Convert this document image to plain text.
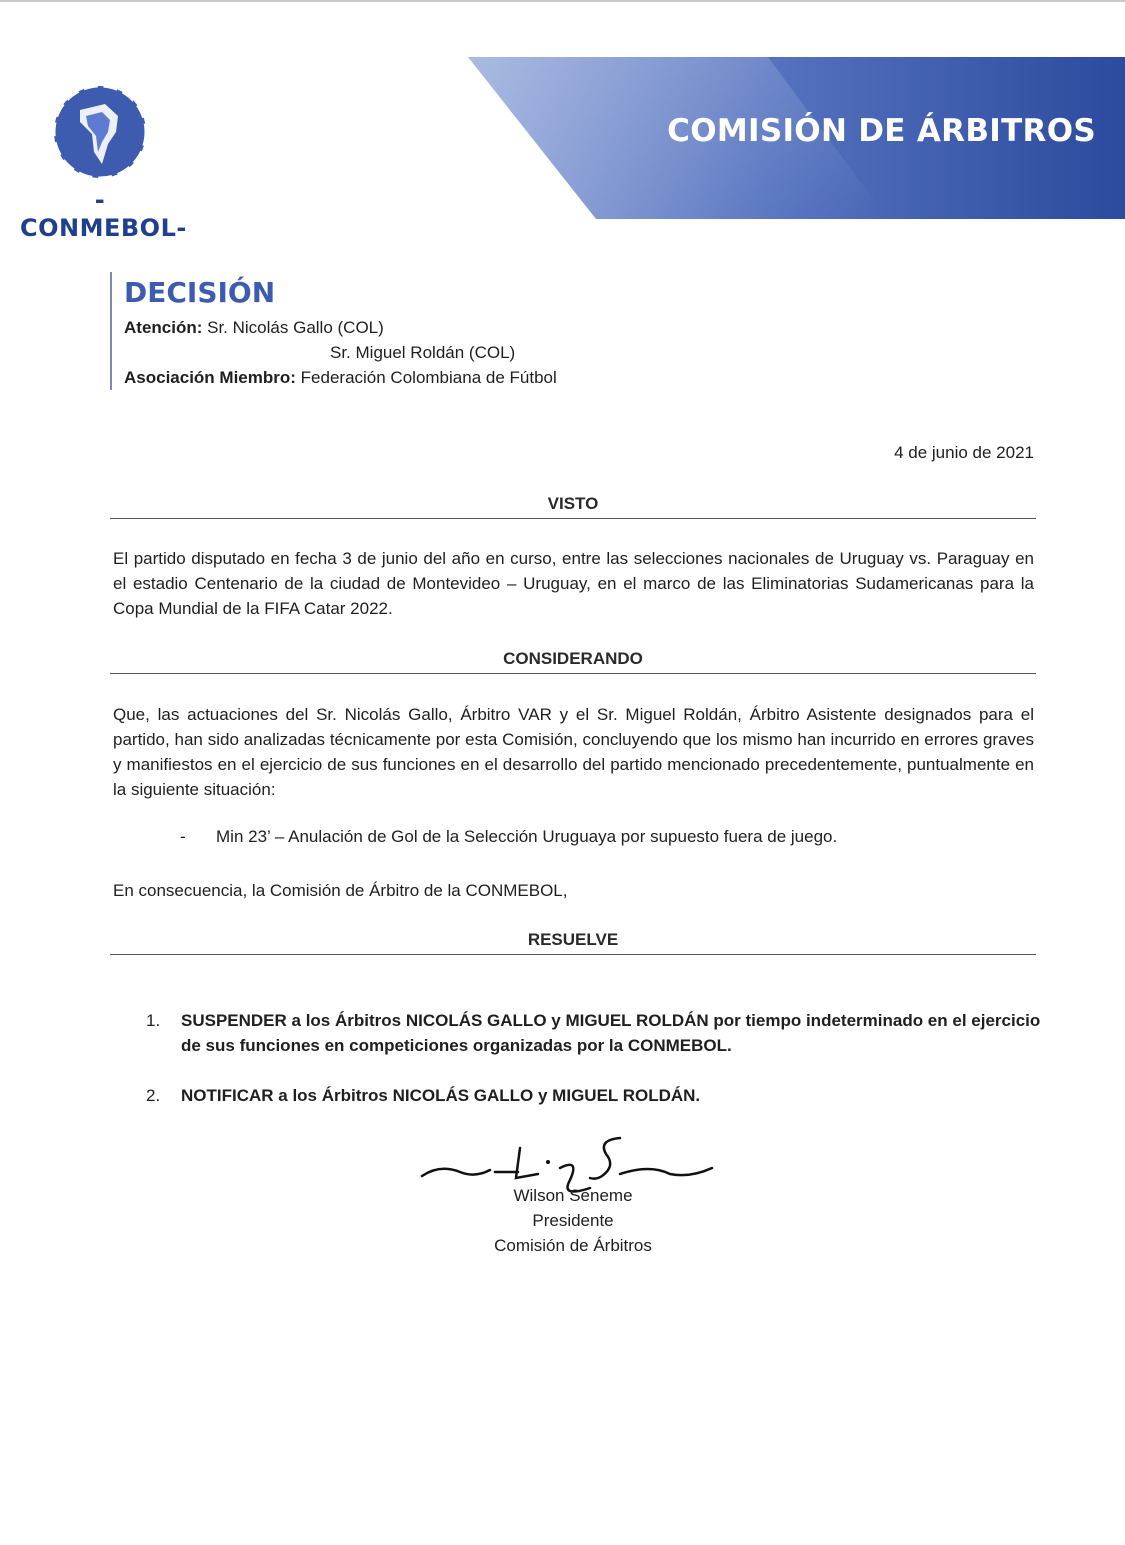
-CONMEBOL-
COMISIÓN DE ÁRBITROS
DECISIÓN
Atención: Sr. Nicolás Gallo (COL)
Sr. Miguel Roldán (COL)
Asociación Miembro: Federación Colombiana de Fútbol
4 de junio de 2021
VISTO
El partido disputado en fecha 3 de junio del año en curso, entre las selecciones nacionales de Uruguay vs. Paraguay en el estadio Centenario de la ciudad de Montevideo – Uruguay, en el marco de las Eliminatorias Sudamericanas para la Copa Mundial de la FIFA Catar 2022.
CONSIDERANDO
Que, las actuaciones del Sr. Nicolás Gallo, Árbitro VAR y el Sr. Miguel Roldán, Árbitro Asistente designados para el partido, han sido analizadas técnicamente por esta Comisión, concluyendo que los mismo han incurrido en errores graves y manifiestos en el ejercicio de sus funciones en el desarrollo del partido mencionado precedentemente, puntualmente en la siguiente situación:
- Min 23’ – Anulación de Gol de la Selección Uruguaya por supuesto fuera de juego.
En consecuencia, la Comisión de Árbitro de la CONMEBOL,
RESUELVE
1.	SUSPENDER a los Árbitros NICOLÁS GALLO y MIGUEL ROLDÁN por tiempo indeterminado en el ejercicio de sus funciones en competiciones organizadas por la CONMEBOL.
2.	NOTIFICAR a los Árbitros NICOLÁS GALLO y MIGUEL ROLDÁN.
Wilson Seneme
Presidente
Comisión de Árbitros
